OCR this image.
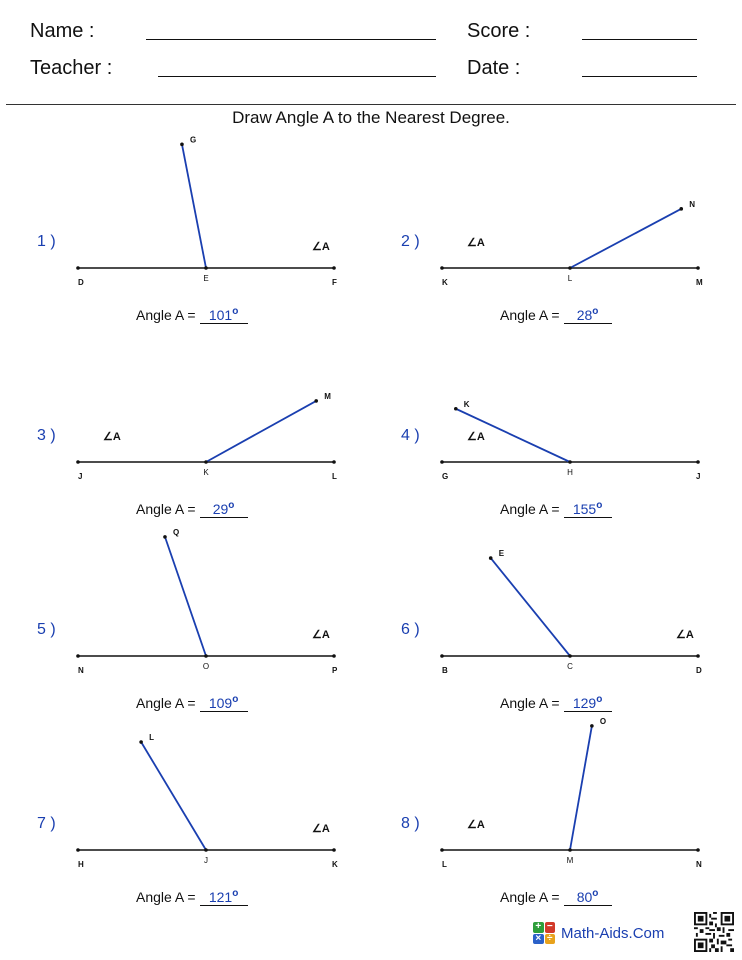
Name :	Score :
Teacher :	Date :
Draw Angle A to the Nearest Degree.
1 )
D	E	F
G
∠A
Angle $A = 101^o$
2 )
K	L	M
N
∠A
Angle $A = 28^o$
3 )
J	K	L
M
∠A
Angle $A = 29^o$
4 )
G	H	J
K
∠A
Angle $A = 155^o$
5 )
N	O	P
Q
∠A
Angle $A = 109^o$
6 )
B	C	D
E
∠A
Angle $A = 129^o$
7 )
H	J	K
L
∠A
Angle $A = 121^o$
8 )
L	M	N
O
∠A
Angle $A = 80^o$
+ −
× ÷ Math-Aids.Com
